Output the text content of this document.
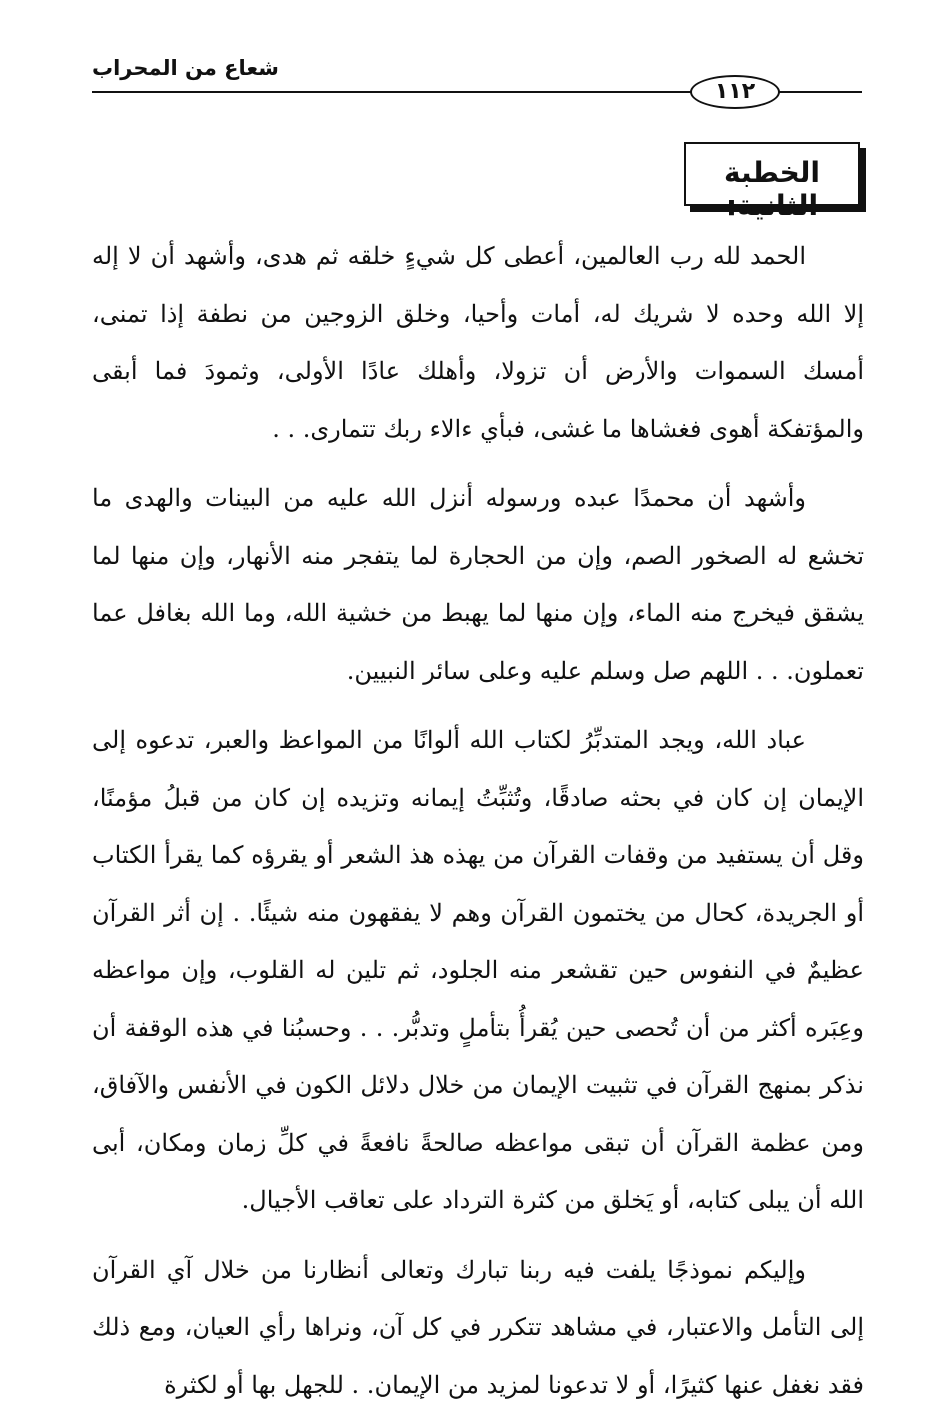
شعاع من المحراب
١١٢
الخطبة الثانية:

الحمد لله رب العالمين، أعطى كل شيءٍ خلقه ثم هدى، وأشهد أن لا إله إلا الله وحده لا شريك له، أمات وأحيا، وخلق الزوجين من نطفة إذا تمنى، أمسك السموات والأرض أن تزولا، وأهلك عادًا الأولى، وثمودَ فما أبقى والمؤتفكة أهوى فغشاها ما غشى، فبأي ءالاء ربك تتمارى. . .

وأشهد أن محمدًا عبده ورسوله أنزل الله عليه من البينات والهدى ما تخشع له الصخور الصم، وإن من الحجارة لما يتفجر منه الأنهار، وإن منها لما يشقق فيخرج منه الماء، وإن منها لما يهبط من خشية الله، وما الله بغافل عما تعملون. . . اللهم صل وسلم عليه وعلى سائر النبيين.

عباد الله، ويجد المتدبِّرُ لكتاب الله ألوانًا من المواعظ والعبر، تدعوه إلى الإيمان إن كان في بحثه صادقًا، وتُثبِّتُ إيمانه وتزيده إن كان من قبلُ مؤمنًا، وقل أن يستفيد من وقفات القرآن من يهذه هذ الشعر أو يقرؤه كما يقرأ الكتاب أو الجريدة، كحال من يختمون القرآن وهم لا يفقهون منه شيئًا. . إن أثر القرآن عظيمٌ في النفوس حين تقشعر منه الجلود، ثم تلين له القلوب، وإن مواعظه وعِبَره أكثر من أن تُحصى حين يُقرأُ بتأملٍ وتدبُّر. . . وحسبُنا في هذه الوقفة أن نذكر بمنهج القرآن في تثبيت الإيمان من خلال دلائل الكون في الأنفس والآفاق، ومن عظمة القرآن أن تبقى مواعظه صالحةً نافعةً في كلِّ زمان ومكان، أبى الله أن يبلى كتابه، أو يَخلق من كثرة الترداد على تعاقب الأجيال.

وإليكم نموذجًا يلفت فيه ربنا تبارك وتعالى أنظارنا من خلال آي القرآن إلى التأمل والاعتبار، في مشاهد تتكرر في كل آن، ونراها رأي العيان، ومع ذلك فقد نغفل عنها كثيرًا، أو لا تدعونا لمزيد من الإيمان. . للجهل بها أو لكثرة
